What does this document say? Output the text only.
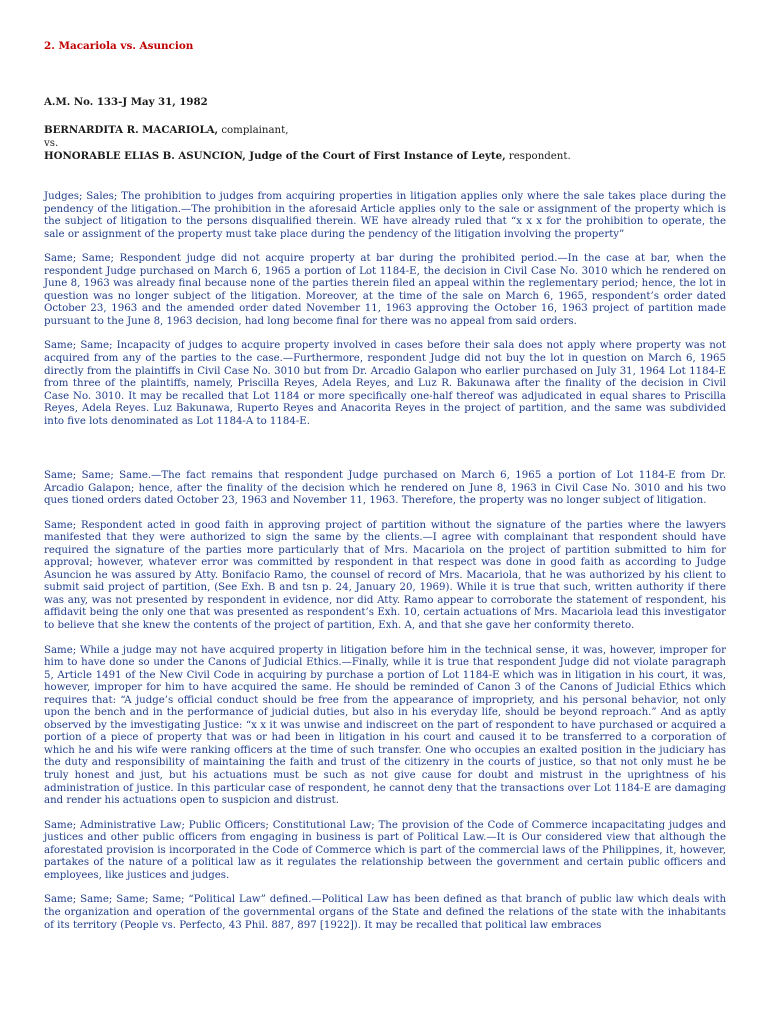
2. Macariola vs. Asuncion
A.M. No. 133-J May 31, 1982
BERNARDITA R. MACARIOLA, complainant,
vs.
HONORABLE ELIAS B. ASUNCION, Judge of the Court of First Instance of Leyte, respondent.

Judges; Sales; The prohibition to judges from acquiring properties in litigation applies only where the sale takes place during the pendency of the litigation.—The prohibition in the aforesaid Article applies only to the sale or assignment of the property which is the subject of litigation to the persons disqualified therein. WE have already ruled that “x x x for the prohibition to operate, the sale or assignment of the property must take place during the pendency of the litigation involving the property”

Same; Same; Respondent judge did not acquire property at bar during the prohibited period.—In the case at bar, when the respondent Judge purchased on March 6, 1965 a portion of Lot 1184-E, the decision in Civil Case No. 3010 which he rendered on June 8, 1963 was already final because none of the parties therein filed an appeal within the reglementary period; hence, the lot in question was no longer subject of the litigation. Moreover, at the time of the sale on March 6, 1965, respondent’s order dated October 23, 1963 and the amended order dated November 11, 1963 approving the October 16, 1963 project of partition made pursuant to the June 8, 1963 decision, had long become final for there was no appeal from said orders.

Same; Same; Incapacity of judges to acquire property involved in cases before their sala does not apply where property was not acquired from any of the parties to the case.—Furthermore, respondent Judge did not buy the lot in question on March 6, 1965 directly from the plaintiffs in Civil Case No. 3010 but from Dr. Arcadio Galapon who earlier purchased on July 31, 1964 Lot 1184-E from three of the plaintiffs, namely, Priscilla Reyes, Adela Reyes, and Luz R. Bakunawa after the finality of the decision in Civil Case No. 3010. It may be recalled that Lot 1184 or more specifically one-half thereof was adjudicated in equal shares to Priscilla Reyes, Adela Reyes. Luz Bakunawa, Ruperto Reyes and Anacorita Reyes in the project of partition, and the same was subdivided into five lots denominated as Lot 1184-A to 1184-E.

Same; Same; Same.—The fact remains that respondent Judge purchased on March 6, 1965 a portion of Lot 1184-E from Dr. Arcadio Galapon; hence, after the finality of the decision which he rendered on June 8, 1963 in Civil Case No. 3010 and his two ques tioned orders dated October 23, 1963 and November 11, 1963. Therefore, the property was no longer subject of litigation.

Same; Respondent acted in good faith in approving project of partition without the signature of the parties where the lawyers manifested that they were authorized to sign the same by the clients.—I agree with complainant that respondent should have required the signature of the parties more particularly that of Mrs. Macariola on the project of partition submitted to him for approval; however, whatever error was committed by respondent in that respect was done in good faith as according to Judge Asuncion he was assured by Atty. Bonifacio Ramo, the counsel of record of Mrs. Macariola, that he was authorized by his client to submit said project of partition, (See Exh. B and tsn p. 24, January 20, 1969). While it is true that such, written authority if there was any, was not presented by respondent in evidence, nor did Atty. Ramo appear to corroborate the statement of respondent, his affidavit being the only one that was presented as respondent’s Exh. 10, certain actuations of Mrs. Macariola lead this investigator to believe that she knew the contents of the project of partition, Exh. A, and that she gave her conformity thereto.

Same; While a judge may not have acquired property in litigation before him in the technical sense, it was, however, improper for him to have done so under the Canons of Judicial Ethics.—Finally, while it is true that respondent Judge did not violate paragraph 5, Article 1491 of the New Civil Code in acquiring by purchase a portion of Lot 1184-E which was in litigation in his court, it was, however, improper for him to have acquired the same. He should be reminded of Canon 3 of the Canons of Judicial Ethics which requires that: “A judge’s official conduct should be free from the appearance of impropriety, and his personal behavior, not only upon the bench and in the performance of judicial duties, but also in his everyday life, should be beyond reproach.” And as aptly observed by the imvestigating Justice: “x x it was unwise and indiscreet on the part of respondent to have purchased or acquired a portion of a piece of property that was or had been in litigation in his court and caused it to be transferred to a corporation of which he and his wife were ranking officers at the time of such transfer. One who occupies an exalted position in the judiciary has the duty and responsibility of maintaining the faith and trust of the citizenry in the courts of justice, so that not only must he be truly honest and just, but his actuations must be such as not give cause for doubt and mistrust in the uprightness of his administration of justice. In this particular case of respondent, he cannot deny that the transactions over Lot 1184-E are damaging and render his actuations open to suspicion and distrust.

Same; Administrative Law; Public Officers; Constitutional Law; The provision of the Code of Commerce incapacitating judges and justices and other public officers from engaging in business is part of Political Law.—It is Our considered view that although the aforestated provision is incorporated in the Code of Commerce which is part of the commercial laws of the Philippines, it, however, partakes of the nature of a political law as it regulates the relationship between the government and certain public officers and employees, like justices and judges.

Same; Same; Same; Same; “Political Law” defined.—Political Law has been defined as that branch of public law which deals with the organization and operation of the governmental organs of the State and defined the relations of the state with the inhabitants of its territory (People vs. Perfecto, 43 Phil. 887, 897 [1922]). It may be recalled that political law embraces
